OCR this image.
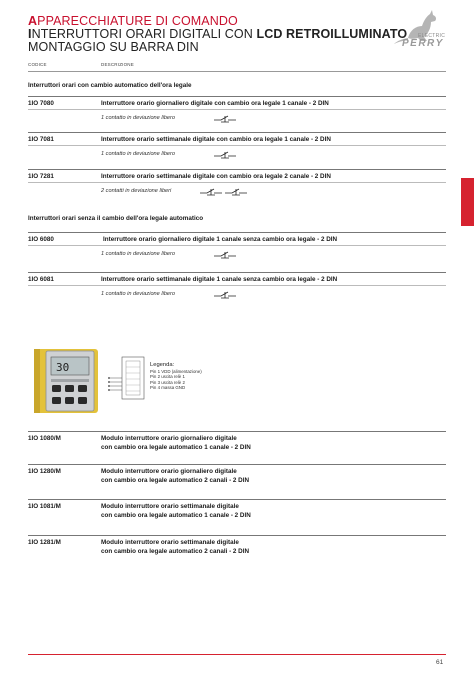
APPARECCHIATURE DI COMANDO
INTERRUTTORI ORARI DIGITALI CON LCD RETROILLUMINATO
MONTAGGIO SU BARRA DIN
ELECTRIC
PERRY
CODICE	DESCRIZIONE
Interruttori orari con cambio automatico dell'ora legale
1IO 7080	Interruttore orario giornaliero digitale con cambio ora legale 1 canale - 2 DIN
1 contatto in deviazione libero
1IO 7081	Interruttore orario settimanale digitale con cambio ora legale 1 canale - 2 DIN
1 contatto in deviazione libero
1IO 7281	Interruttore orario settimanale digitale con cambio ora legale 2 canale - 2 DIN
2 contatti in deviazione liberi
Interruttori orari senza il cambio dell'ora legale automatico
1IO 6080	Interruttore orario giornaliero digitale 1 canale senza cambio ora legale - 2 DIN
1 contatto in deviazione libero
1IO 6081	Interruttore orario settimanale digitale 1 canale senza cambio ora legale - 2 DIN
1 contatto in deviazione libero
30	Legenda:
Pin 1 VDD (alimentazione)
Pin 2 uscita relè 1
Pin 3 uscita relè 2
Pin 4 massa GND
1IO 1080/M	Modulo interruttore orario giornaliero digitale
con cambio ora legale automatico 1 canale - 2 DIN
1IO 1280/M	Modulo interruttore orario giornaliero digitale
con cambio ora legale automatico 2 canali - 2 DIN
1IO 1081/M	Modulo interruttore orario settimanale digitale
con cambio ora legale automatico 1 canale - 2 DIN
1IO 1281/M	Modulo interruttore orario settimanale digitale
con cambio ora legale automatico 2 canali - 2 DIN
61
